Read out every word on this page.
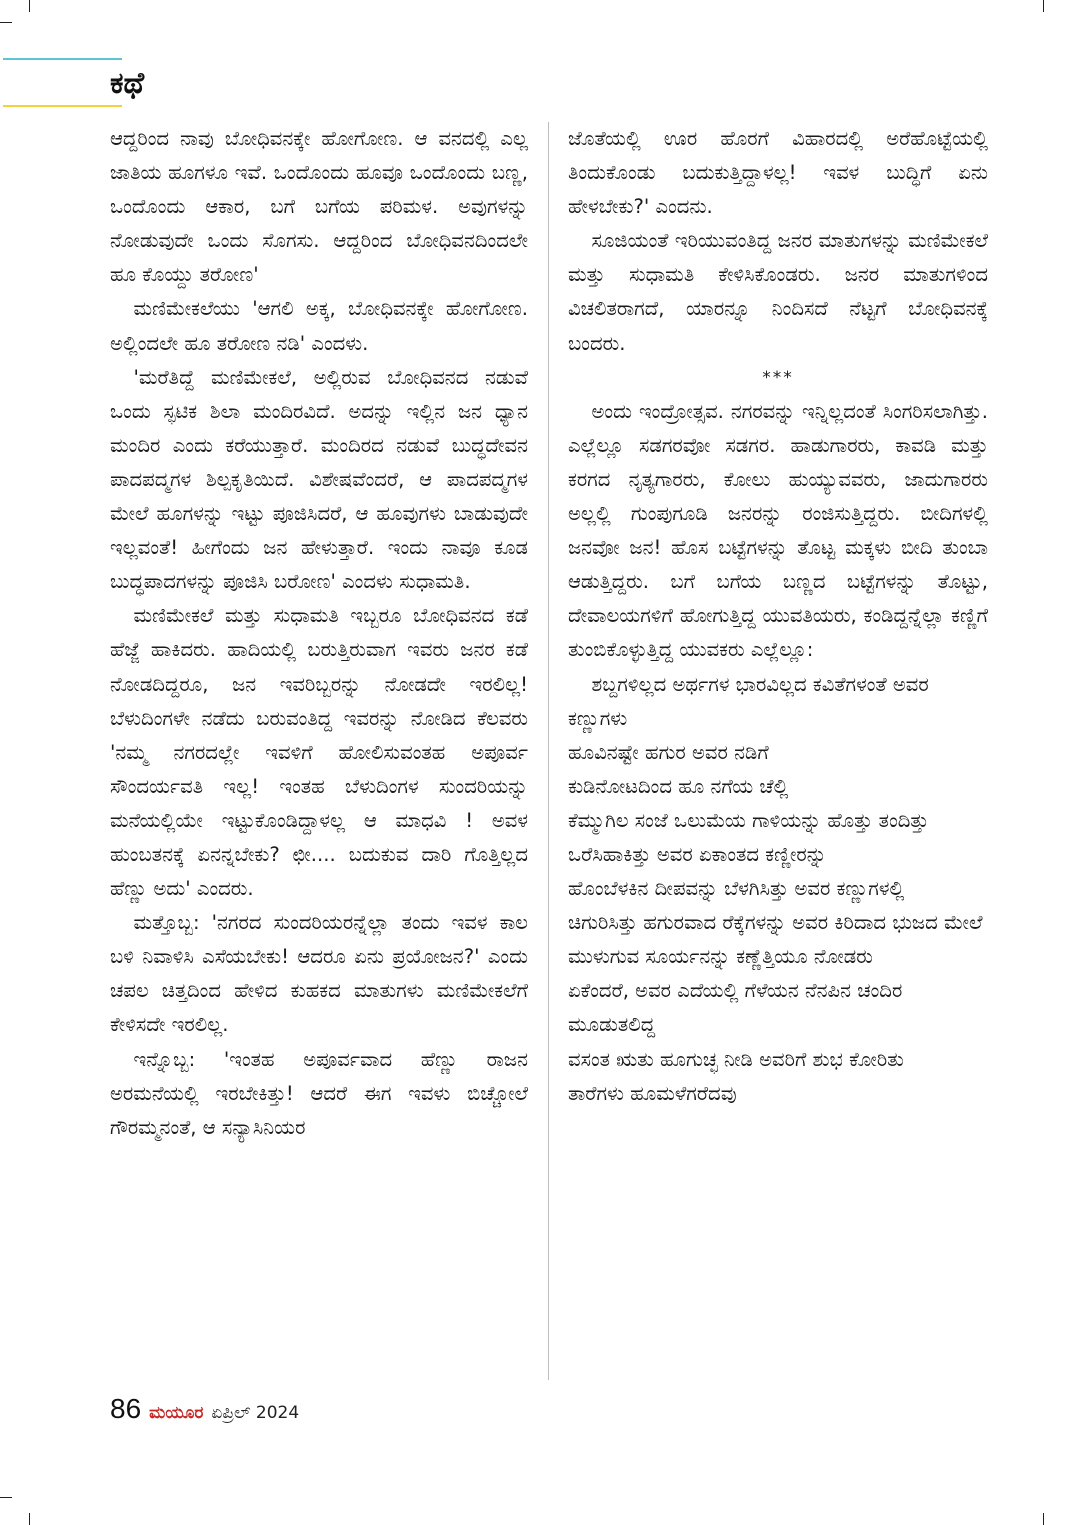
ಕಥೆ

ಆದ್ದರಿಂದ ನಾವು ಬೋಧಿವನಕ್ಕೇ ಹೋಗೋಣ. ಆ ವನದಲ್ಲಿ ಎಲ್ಲ ಜಾತಿಯ ಹೂಗಳೂ ಇವೆ. ಒಂದೊಂದು ಹೂವೂ ಒಂದೊಂದು ಬಣ್ಣ, ಒಂದೊಂದು ಆಕಾರ, ಬಗೆ ಬಗೆಯ ಪರಿಮಳ. ಅವುಗಳನ್ನು ನೋಡುವುದೇ ಒಂದು ಸೊಗಸು. ಆದ್ದರಿಂದ ಬೋಧಿವನದಿಂದಲೇ ಹೂ ಕೊಯ್ದು ತರೋಣ'

ಮಣಿಮೇಕಲೆಯು 'ಆಗಲಿ ಅಕ್ಕ, ಬೋಧಿವನಕ್ಕೇ ಹೋಗೋಣ. ಅಲ್ಲಿಂದಲೇ ಹೂ ತರೋಣ ನಡಿ' ಎಂದಳು.

'ಮರೆತಿದ್ದೆ ಮಣಿಮೇಕಲೆ, ಅಲ್ಲಿರುವ ಬೋಧಿವನದ ನಡುವೆ ಒಂದು ಸ್ಫಟಿಕ ಶಿಲಾ ಮಂದಿರವಿದೆ. ಅದನ್ನು ಇಲ್ಲಿನ ಜನ ಧ್ಯಾನ ಮಂದಿರ ಎಂದು ಕರೆಯುತ್ತಾರೆ. ಮಂದಿರದ ನಡುವೆ ಬುದ್ಧದೇವನ ಪಾದಪದ್ಮಗಳ ಶಿಲ್ಪಕೃತಿಯಿದೆ. ವಿಶೇಷವೆಂದರೆ, ಆ ಪಾದಪದ್ಮಗಳ ಮೇಲೆ ಹೂಗಳನ್ನು ಇಟ್ಟು ಪೂಜಿಸಿದರೆ, ಆ ಹೂವುಗಳು ಬಾಡುವುದೇ ಇಲ್ಲವಂತೆ! ಹೀಗೆಂದು ಜನ ಹೇಳುತ್ತಾರೆ. ಇಂದು ನಾವೂ ಕೂಡ ಬುದ್ಧಪಾದಗಳನ್ನು ಪೂಜಿಸಿ ಬರೋಣ' ಎಂದಳು ಸುಧಾಮತಿ.

ಮಣಿಮೇಕಲೆ ಮತ್ತು ಸುಧಾಮತಿ ಇಬ್ಬರೂ ಬೋಧಿವನದ ಕಡೆ ಹೆಜ್ಜೆ ಹಾಕಿದರು. ಹಾದಿಯಲ್ಲಿ ಬರುತ್ತಿರುವಾಗ ಇವರು ಜನರ ಕಡೆ ನೋಡದಿದ್ದರೂ, ಜನ ಇವರಿಬ್ಬರನ್ನು ನೋಡದೇ ಇರಲಿಲ್ಲ! ಬೆಳುದಿಂಗಳೇ ನಡೆದು ಬರುವಂತಿದ್ದ ಇವರನ್ನು ನೋಡಿದ ಕೆಲವರು 'ನಮ್ಮ ನಗರದಲ್ಲೇ ಇವಳಿಗೆ ಹೋಲಿಸುವಂತಹ ಅಪೂರ್ವ ಸೌಂದರ್ಯವತಿ ಇಲ್ಲ! ಇಂತಹ ಬೆಳುದಿಂಗಳ ಸುಂದರಿಯನ್ನು ಮನೆಯಲ್ಲಿಯೇ ಇಟ್ಟುಕೊಂಡಿದ್ದಾಳಲ್ಲ ಆ ಮಾಧವಿ ! ಅವಳ ಹುಂಬತನಕ್ಕೆ ಏನನ್ನಬೇಕು? ಛೀ.... ಬದುಕುವ ದಾರಿ ಗೊತ್ತಿಲ್ಲದ ಹೆಣ್ಣು ಅದು' ಎಂದರು.

ಮತ್ತೊಬ್ಬ: 'ನಗರದ ಸುಂದರಿಯರನ್ನೆಲ್ಲಾ ತಂದು ಇವಳ ಕಾಲ ಬಳಿ ನಿವಾಳಿಸಿ ಎಸೆಯಬೇಕು! ಆದರೂ ಏನು ಪ್ರಯೋಜನ?' ಎಂದು ಚಪಲ ಚಿತ್ತದಿಂದ ಹೇಳಿದ ಕುಹಕದ ಮಾತುಗಳು ಮಣಿಮೇಕಲೆಗೆ ಕೇಳಿಸದೇ ಇರಲಿಲ್ಲ.

ಇನ್ನೊಬ್ಬ: 'ಇಂತಹ ಅಪೂರ್ವವಾದ ಹೆಣ್ಣು ರಾಜನ ಅರಮನೆಯಲ್ಲಿ ಇರಬೇಕಿತ್ತು! ಆದರೆ ಈಗ ಇವಳು ಬಿಚ್ಚೋಲೆ ಗೌರಮ್ಮನಂತೆ, ಆ ಸನ್ಯಾಸಿನಿಯರ

ಜೊತೆಯಲ್ಲಿ ಊರ ಹೊರಗೆ ವಿಹಾರದಲ್ಲಿ ಅರೆಹೊಟ್ಟೆಯಲ್ಲಿ ತಿಂದುಕೊಂಡು ಬದುಕುತ್ತಿದ್ದಾಳಲ್ಲ! ಇವಳ ಬುದ್ಧಿಗೆ ಏನು ಹೇಳಬೇಕು?' ಎಂದನು.

ಸೂಜಿಯಂತೆ ಇರಿಯುವಂತಿದ್ದ ಜನರ ಮಾತುಗಳನ್ನು ಮಣಿಮೇಕಲೆ ಮತ್ತು ಸುಧಾಮತಿ ಕೇಳಿಸಿಕೊಂಡರು. ಜನರ ಮಾತುಗಳಿಂದ ವಿಚಲಿತರಾಗದೆ, ಯಾರನ್ನೂ ನಿಂದಿಸದೆ ನೆಟ್ಟಗೆ ಬೋಧಿವನಕ್ಕೆ ಬಂದರು.

***

ಅಂದು ಇಂದ್ರೋತ್ಸವ. ನಗರವನ್ನು ಇನ್ನಿಲ್ಲದಂತೆ ಸಿಂಗರಿಸಲಾಗಿತ್ತು. ಎಲ್ಲೆಲ್ಲೂ ಸಡಗರವೋ ಸಡಗರ. ಹಾಡುಗಾರರು, ಕಾವಡಿ ಮತ್ತು ಕರಗದ ನೃತ್ಯಗಾರರು, ಕೋಲು ಹುಯ್ಯುವವರು, ಜಾದುಗಾರರು ಅಲ್ಲಲ್ಲಿ ಗುಂಪುಗೂಡಿ ಜನರನ್ನು ರಂಜಿಸುತ್ತಿದ್ದರು. ಬೀದಿಗಳಲ್ಲಿ ಜನವೋ ಜನ! ಹೊಸ ಬಟ್ಟೆಗಳನ್ನು ತೊಟ್ಟ ಮಕ್ಕಳು ಬೀದಿ ತುಂಬಾ ಆಡುತ್ತಿದ್ದರು. ಬಗೆ ಬಗೆಯ ಬಣ್ಣದ ಬಟ್ಟೆಗಳನ್ನು ತೊಟ್ಟು, ದೇವಾಲಯಗಳಿಗೆ ಹೋಗುತ್ತಿದ್ದ ಯುವತಿಯರು, ಕಂಡಿದ್ದನ್ನೆಲ್ಲಾ ಕಣ್ಣಿಗೆ ತುಂಬಿಕೊಳ್ಳುತ್ತಿದ್ದ ಯುವಕರು ಎಲ್ಲೆಲ್ಲೂ:

ಶಬ್ದಗಳಿಲ್ಲದ ಅರ್ಥಗಳ ಭಾರವಿಲ್ಲದ ಕವಿತೆಗಳಂತೆ ಅವರ ಕಣ್ಣುಗಳು

ಹೂವಿನಷ್ಟೇ ಹಗುರ ಅವರ ನಡಿಗೆ

ಕುಡಿನೋಟದಿಂದ ಹೂ ನಗೆಯ ಚೆಲ್ಲಿ

ಕೆಮ್ಮುಗಿಲ ಸಂಜೆ ಒಲುಮೆಯ ಗಾಳಿಯನ್ನು ಹೊತ್ತು ತಂದಿತ್ತು

ಒರೆಸಿಹಾಕಿತ್ತು ಅವರ ಏಕಾಂತದ ಕಣ್ಣೀರನ್ನು

ಹೊಂಬೆಳಕಿನ ದೀಪವನ್ನು ಬೆಳಗಿಸಿತ್ತು ಅವರ ಕಣ್ಣುಗಳಲ್ಲಿ

ಚಿಗುರಿಸಿತ್ತು ಹಗುರವಾದ ರೆಕ್ಕೆಗಳನ್ನು ಅವರ ಕಿರಿದಾದ ಭುಜದ ಮೇಲೆ

ಮುಳುಗುವ ಸೂರ್ಯನನ್ನು ಕಣ್ಣೆತ್ತಿಯೂ ನೋಡರು

ಏಕೆಂದರೆ, ಅವರ ಎದೆಯಲ್ಲಿ ಗೆಳೆಯನ ನೆನಪಿನ ಚಂದಿರ ಮೂಡುತಲಿದ್ದ

ವಸಂತ ಋತು ಹೂಗುಚ್ಛ ನೀಡಿ ಅವರಿಗೆ ಶುಭ ಕೋರಿತು

ತಾರೆಗಳು ಹೂಮಳೆಗರೆದವು

86 ಮಯೂರ ಏಪ್ರಿಲ್ 2024
